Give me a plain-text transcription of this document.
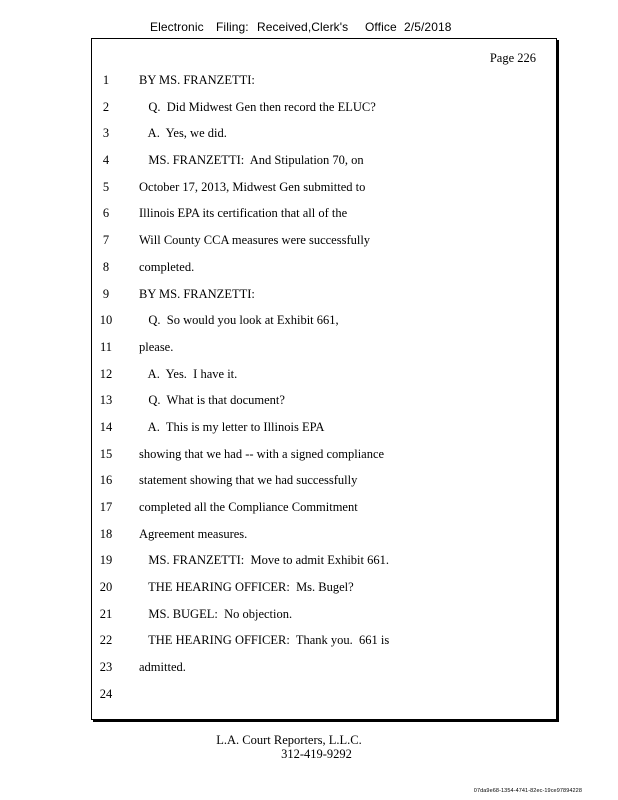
Electronic Filing: Received,Clerk's Office 2/5/2018
Page 226
1	BY MS. FRANZETTI:
2	Q.  Did Midwest Gen then record the ELUC?
3	A.  Yes, we did.
4	MS. FRANZETTI:  And Stipulation 70, on
5	October 17, 2013, Midwest Gen submitted to
6	Illinois EPA its certification that all of the
7	Will County CCA measures were successfully
8	completed.
9	BY MS. FRANZETTI:
10	Q.  So would you look at Exhibit 661,
11	please.
12	A.  Yes.  I have it.
13	Q.  What is that document?
14	A.  This is my letter to Illinois EPA
15	showing that we had -- with a signed compliance
16	statement showing that we had successfully
17	completed all the Compliance Commitment
18	Agreement measures.
19	MS. FRANZETTI:  Move to admit Exhibit 661.
20	THE HEARING OFFICER:  Ms. Bugel?
21	MS. BUGEL:  No objection.
22	THE HEARING OFFICER:  Thank you.  661 is
23	admitted.
24
L.A. Court Reporters, L.L.C.
312-419-9292
07da9e68-1354-4741-82ec-19ce97894228
